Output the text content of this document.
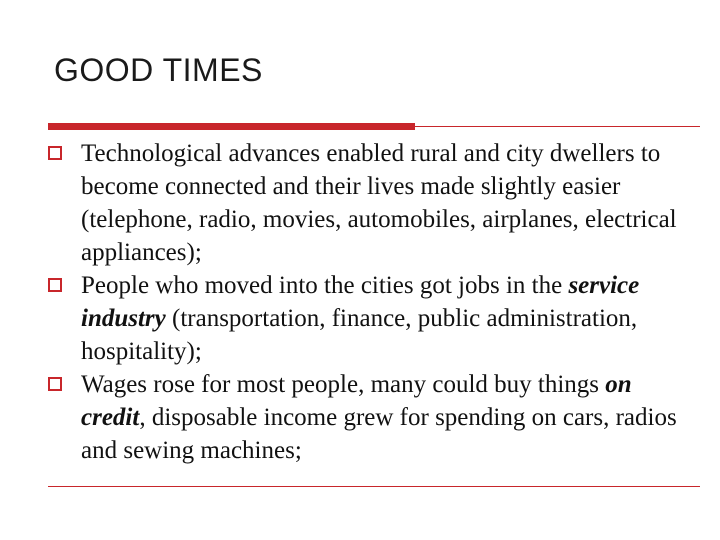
GOOD TIMES
Technological advances enabled rural and city dwellers to become connected and their lives made slightly easier (telephone, radio, movies, automobiles, airplanes, electrical appliances);
People who moved into the cities got jobs in the service industry (transportation, finance, public administration, hospitality);
Wages rose for most people, many could buy things on credit, disposable income grew for spending on cars, radios and sewing machines;
